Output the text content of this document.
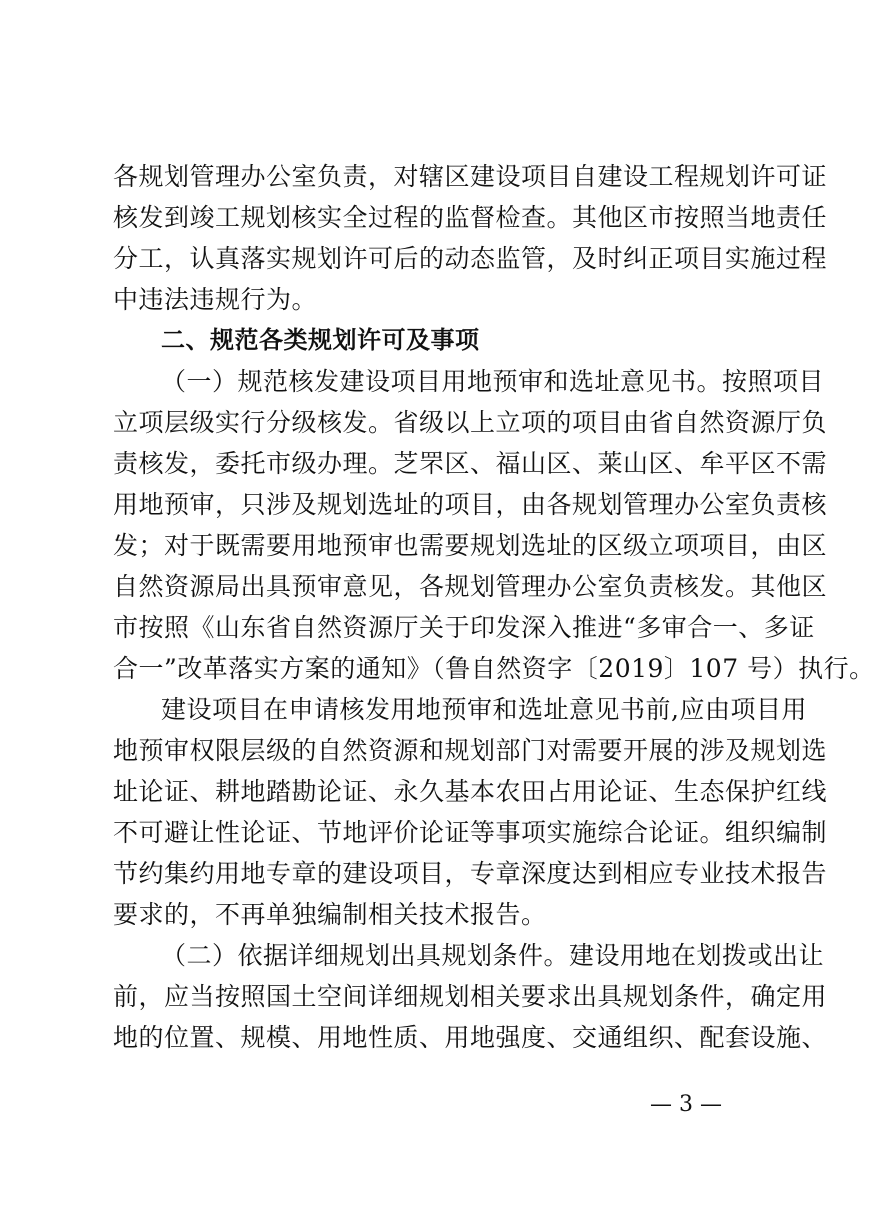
各规划管理办公室负责，对辖区建设项目自建设工程规划许可证
核发到竣工规划核实全过程的监督检查。其他区市按照当地责任
分工，认真落实规划许可后的动态监管，及时纠正项目实施过程
中违法违规行为。
二、规范各类规划许可及事项
（一）规范核发建设项目用地预审和选址意见书。按照项目
立项层级实行分级核发。省级以上立项的项目由省自然资源厅负
责核发，委托市级办理。芝罘区、福山区、莱山区、牟平区不需
用地预审，只涉及规划选址的项目，由各规划管理办公室负责核
发；对于既需要用地预审也需要规划选址的区级立项项目，由区
自然资源局出具预审意见，各规划管理办公室负责核发。其他区
市按照《山东省自然资源厅关于印发深入推进“多审合一、多证
合一”改革落实方案的通知》（鲁自然资字〔2019〕107 号）执行。
建设项目在申请核发用地预审和选址意见书前,应由项目用
地预审权限层级的自然资源和规划部门对需要开展的涉及规划选
址论证、耕地踏勘论证、永久基本农田占用论证、生态保护红线
不可避让性论证、节地评价论证等事项实施综合论证。组织编制
节约集约用地专章的建设项目，专章深度达到相应专业技术报告
要求的，不再单独编制相关技术报告。
（二）依据详细规划出具规划条件。建设用地在划拨或出让
前，应当按照国土空间详细规划相关要求出具规划条件，确定用
地的位置、规模、用地性质、用地强度、交通组织、配套设施、
— 3 —
